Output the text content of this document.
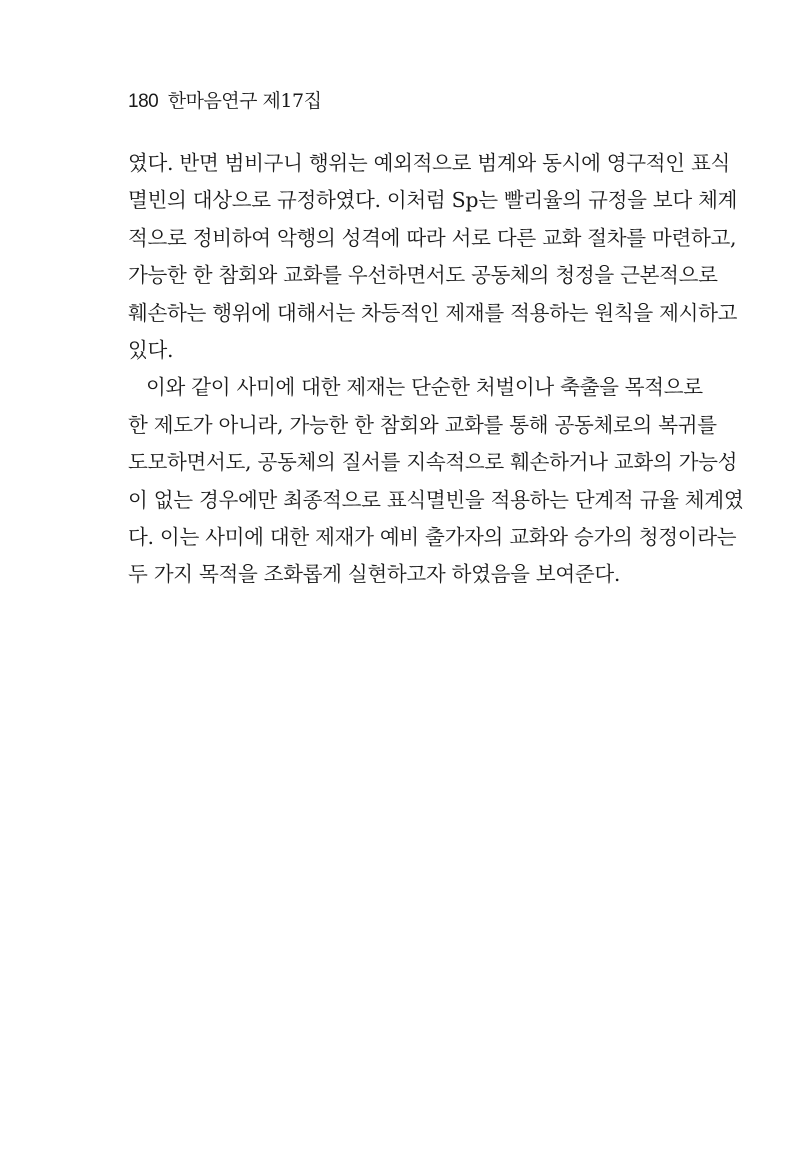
180 한마음연구 제17집
였다. 반면 범비구니 행위는 예외적으로 범계와 동시에 영구적인 표식
멸빈의 대상으로 규정하였다. 이처럼 Sp는 빨리율의 규정을 보다 체계
적으로 정비하여 악행의 성격에 따라 서로 다른 교화 절차를 마련하고,
가능한 한 참회와 교화를 우선하면서도 공동체의 청정을 근본적으로
훼손하는 행위에 대해서는 차등적인 제재를 적용하는 원칙을 제시하고
있다.
이와 같이 사미에 대한 제재는 단순한 처벌이나 축출을 목적으로
한 제도가 아니라, 가능한 한 참회와 교화를 통해 공동체로의 복귀를
도모하면서도, 공동체의 질서를 지속적으로 훼손하거나 교화의 가능성
이 없는 경우에만 최종적으로 표식멸빈을 적용하는 단계적 규율 체계였
다. 이는 사미에 대한 제재가 예비 출가자의 교화와 승가의 청정이라는
두 가지 목적을 조화롭게 실현하고자 하였음을 보여준다.
